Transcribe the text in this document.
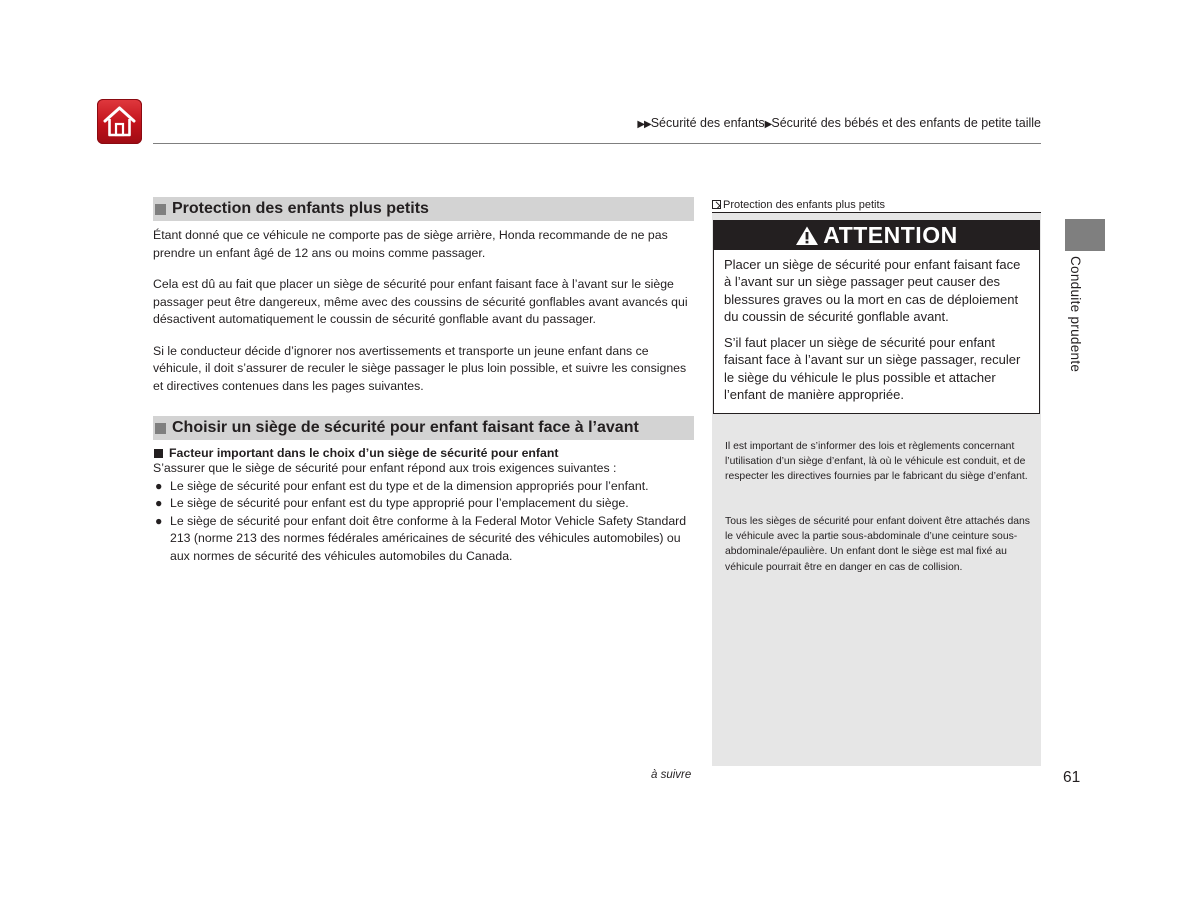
▶▶Sécurité des enfants▶Sécurité des bébés et des enfants de petite taille
Conduite prudente
Protection des enfants plus petits

Étant donné que ce véhicule ne comporte pas de siège arrière, Honda recommande de ne pas prendre un enfant âgé de 12 ans ou moins comme passager.

Cela est dû au fait que placer un siège de sécurité pour enfant faisant face à l’avant sur le siège passager peut être dangereux, même avec des coussins de sécurité gonflables avant avancés qui désactivent automatiquement le coussin de sécurité gonflable avant du passager.

Si le conducteur décide d’ignorer nos avertissements et transporte un jeune enfant dans ce véhicule, il doit s’assurer de reculer le siège passager le plus loin possible, et suivre les consignes et directives contenues dans les pages suivantes.

Choisir un siège de sécurité pour enfant faisant face à l’avant
Facteur important dans le choix d’un siège de sécurité pour enfant

S’assurer que le siège de sécurité pour enfant répond aux trois exigences suivantes :

● Le siège de sécurité pour enfant est du type et de la dimension appropriés pour l’enfant.
● Le siège de sécurité pour enfant est du type approprié pour l’emplacement du siège.
● Le siège de sécurité pour enfant doit être conforme à la Federal Motor Vehicle Safety Standard 213 (norme 213 des normes fédérales américaines de sécurité des véhicules automobiles) ou aux normes de sécurité des véhicules automobiles du Canada.
Protection des enfants plus petits
ATTENTION

Placer un siège de sécurité pour enfant faisant face à l’avant sur un siège passager peut causer des blessures graves ou la mort en cas de déploiement du coussin de sécurité gonflable avant.

S’il faut placer un siège de sécurité pour enfant faisant face à l’avant sur un siège passager, reculer le siège du véhicule le plus possible et attacher l’enfant de manière appropriée.

Il est important de s’informer des lois et règlements concernant l’utilisation d’un siège d’enfant, là où le véhicule est conduit, et de respecter les directives fournies par le fabricant du siège d’enfant.

Tous les sièges de sécurité pour enfant doivent être attachés dans le véhicule avec la partie sous-abdominale d’une ceinture sous-abdominale/épaulière. Un enfant dont le siège est mal fixé au véhicule pourrait être en danger en cas de collision.

à suivre	61
